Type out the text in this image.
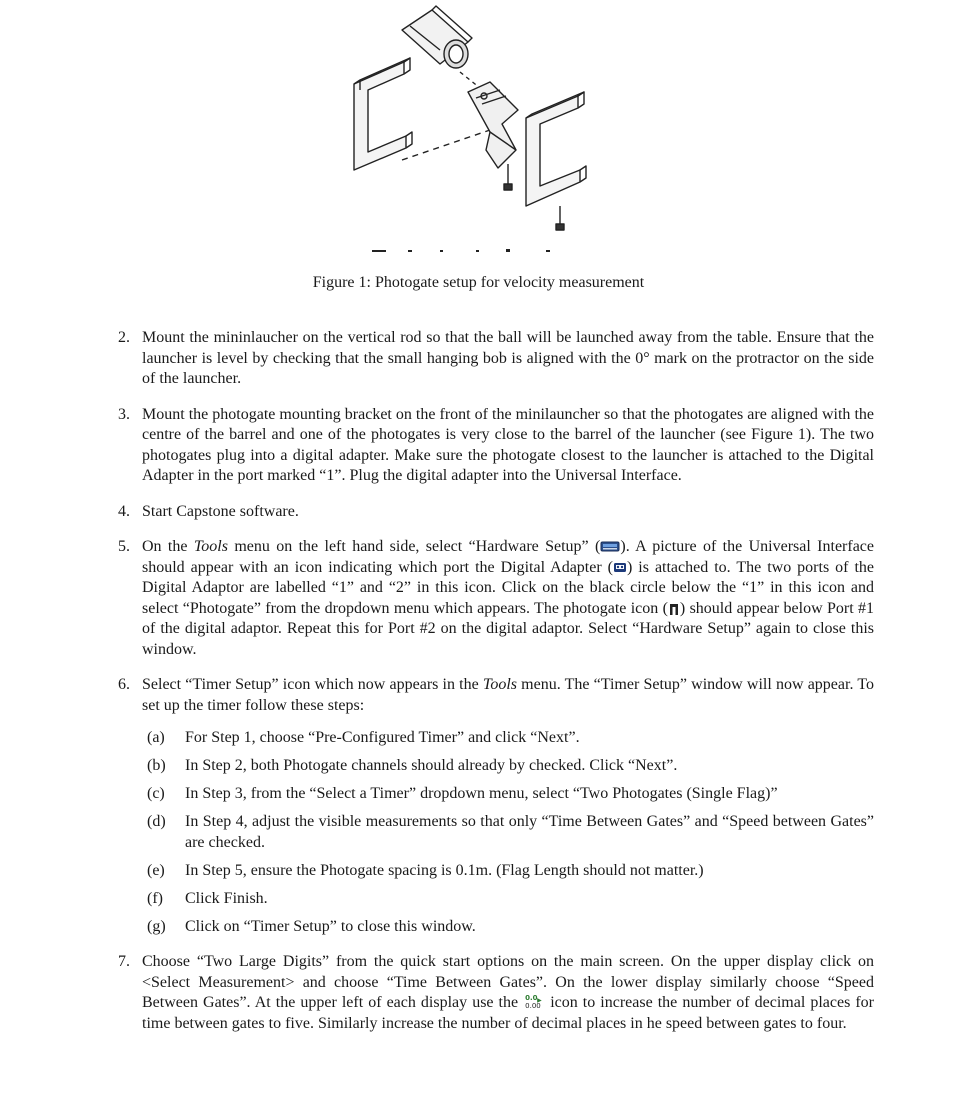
Figure 1: Photogate setup for velocity measurement
2. Mount the mininlaucher on the vertical rod so that the ball will be launched away from the table. Ensure that the launcher is level by checking that the small hanging bob is aligned with the 0° mark on the protractor on the side of the launcher.
3. Mount the photogate mounting bracket on the front of the minilauncher so that the photogates are aligned with the centre of the barrel and one of the photogates is very close to the barrel of the launcher (see Figure 1). The two photogates plug into a digital adapter. Make sure the photogate closest to the launcher is attached to the Digital Adapter in the port marked “1”. Plug the digital adapter into the Universal Interface.
4. Start Capstone software.
5. On the Tools menu on the left hand side, select “Hardware Setup” ( ). A picture of the Universal Interface should appear with an icon indicating which port the Digital Adapter ( ) is attached to. The two ports of the Digital Adaptor are labelled “1” and “2” in this icon. Click on the black circle below the “1” in this icon and select “Photogate” from the dropdown menu which appears. The photogate icon ( ) should appear below Port #1 of the digital adaptor. Repeat this for Port #2 on the digital adaptor. Select “Hardware Setup” again to close this window.
6. Select “Timer Setup” icon which now appears in the Tools menu. The “Timer Setup” window will now appear. To set up the timer follow these steps:
(a) For Step 1, choose “Pre-Configured Timer” and click “Next”.
(b) In Step 2, both Photogate channels should already by checked. Click “Next”.
(c) In Step 3, from the “Select a Timer” dropdown menu, select “Two Photogates (Single Flag)”
(d) In Step 4, adjust the visible measurements so that only “Time Between Gates” and “Speed between Gates” are checked.
(e) In Step 5, ensure the Photogate spacing is 0.1m. (Flag Length should not matter.)
(f) Click Finish.
(g) Click on “Timer Setup” to close this window.
7. Choose “Two Large Digits” from the quick start options on the main screen. On the upper display click on <Select Measurement> and choose “Time Between Gates”. On the lower display similarly choose “Speed Between Gates”. At the upper left of each display use the 0.0 ▶
0.00 icon to increase the number of decimal places for time between gates to five. Similarly increase the number of decimal places in he speed between gates to four.
